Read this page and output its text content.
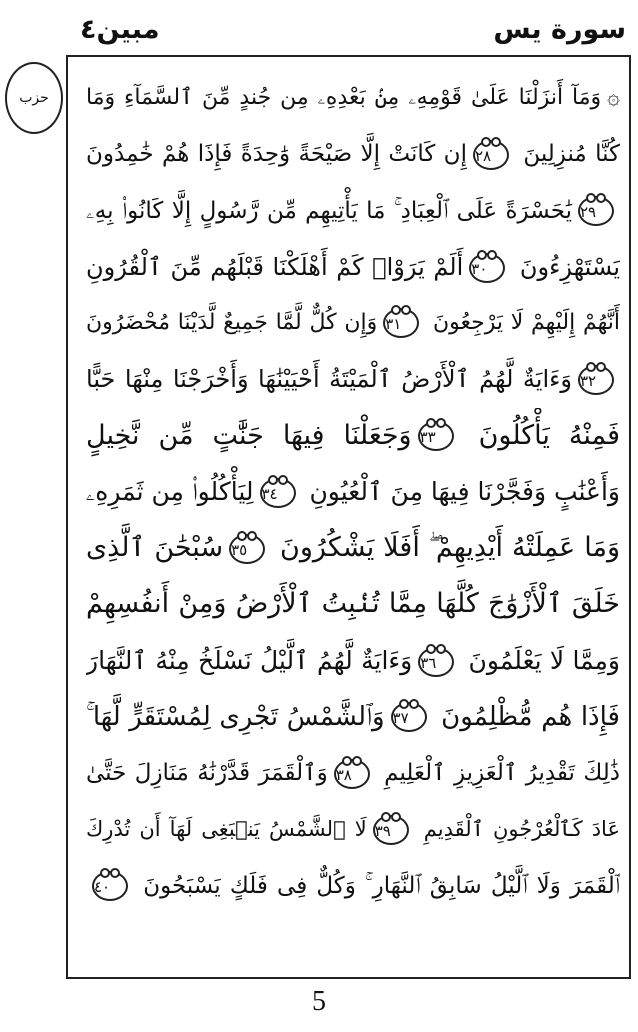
مبين٤	سورة يس
حزب	۞وَمَآ أَنزَلْنَا عَلَىٰ قَوْمِهِۦ مِنۢ بَعْدِهِۦ مِن جُندٍ مِّنَ ٱلسَّمَآءِ وَمَا
كُنَّا مُنزِلِينَ ٢٨إِن كَانَتْ إِلَّا صَيْحَةً وَٰحِدَةً فَإِذَا هُمْ خَٰمِدُونَ
٢٩يَٰحَسْرَةً عَلَى ٱلْعِبَادِ ۚ مَا يَأْتِيهِم مِّن رَّسُولٍ إِلَّا كَانُوا۟ بِهِۦ
يَسْتَهْزِءُونَ ٣٠أَلَمْ يَرَوْا۟ كَمْ أَهْلَكْنَا قَبْلَهُم مِّنَ ٱلْقُرُونِ
أَنَّهُمْ إِلَيْهِمْ لَا يَرْجِعُونَ ٣١وَإِن كُلٌّ لَّمَّا جَمِيعٌ لَّدَيْنَا مُحْضَرُونَ
٣٢وَءَايَةٌ لَّهُمُ ٱلْأَرْضُ ٱلْمَيْتَةُ أَحْيَيْنَٰهَا وَأَخْرَجْنَا مِنْهَا حَبًّا
فَمِنْهُ يَأْكُلُونَ ٣٣وَجَعَلْنَا فِيهَا جَنَّٰتٍ مِّن نَّخِيلٍ
وَأَعْنَٰبٍ وَفَجَّرْنَا فِيهَا مِنَ ٱلْعُيُونِ ٣٤لِيَأْكُلُوا۟ مِن ثَمَرِهِۦ
وَمَا عَمِلَتْهُ أَيْدِيهِمْ ۖ أَفَلَا يَشْكُرُونَ ٣٥سُبْحَٰنَ ٱلَّذِى
خَلَقَ ٱلْأَزْوَٰجَ كُلَّهَا مِمَّا تُنۢبِتُ ٱلْأَرْضُ وَمِنْ أَنفُسِهِمْ
وَمِمَّا لَا يَعْلَمُونَ ٣٦وَءَايَةٌ لَّهُمُ ٱلَّيْلُ نَسْلَخُ مِنْهُ ٱلنَّهَارَ
فَإِذَا هُم مُّظْلِمُونَ ٣٧وَٱلشَّمْسُ تَجْرِى لِمُسْتَقَرٍّ لَّهَا ۚ
ذَٰلِكَ تَقْدِيرُ ٱلْعَزِيزِ ٱلْعَلِيمِ ٣٨وَٱلْقَمَرَ قَدَّرْنَٰهُ مَنَازِلَ حَتَّىٰ
عَادَ كَٱلْعُرْجُونِ ٱلْقَدِيمِ ٣٩لَا ٱلشَّمْسُ يَنۢبَغِى لَهَآ أَن تُدْرِكَ
ٱلْقَمَرَ وَلَا ٱلَّيْلُ سَابِقُ ٱلنَّهَارِ ۚ وَكُلٌّ فِى فَلَكٍ يَسْبَحُونَ ٤٠
5
